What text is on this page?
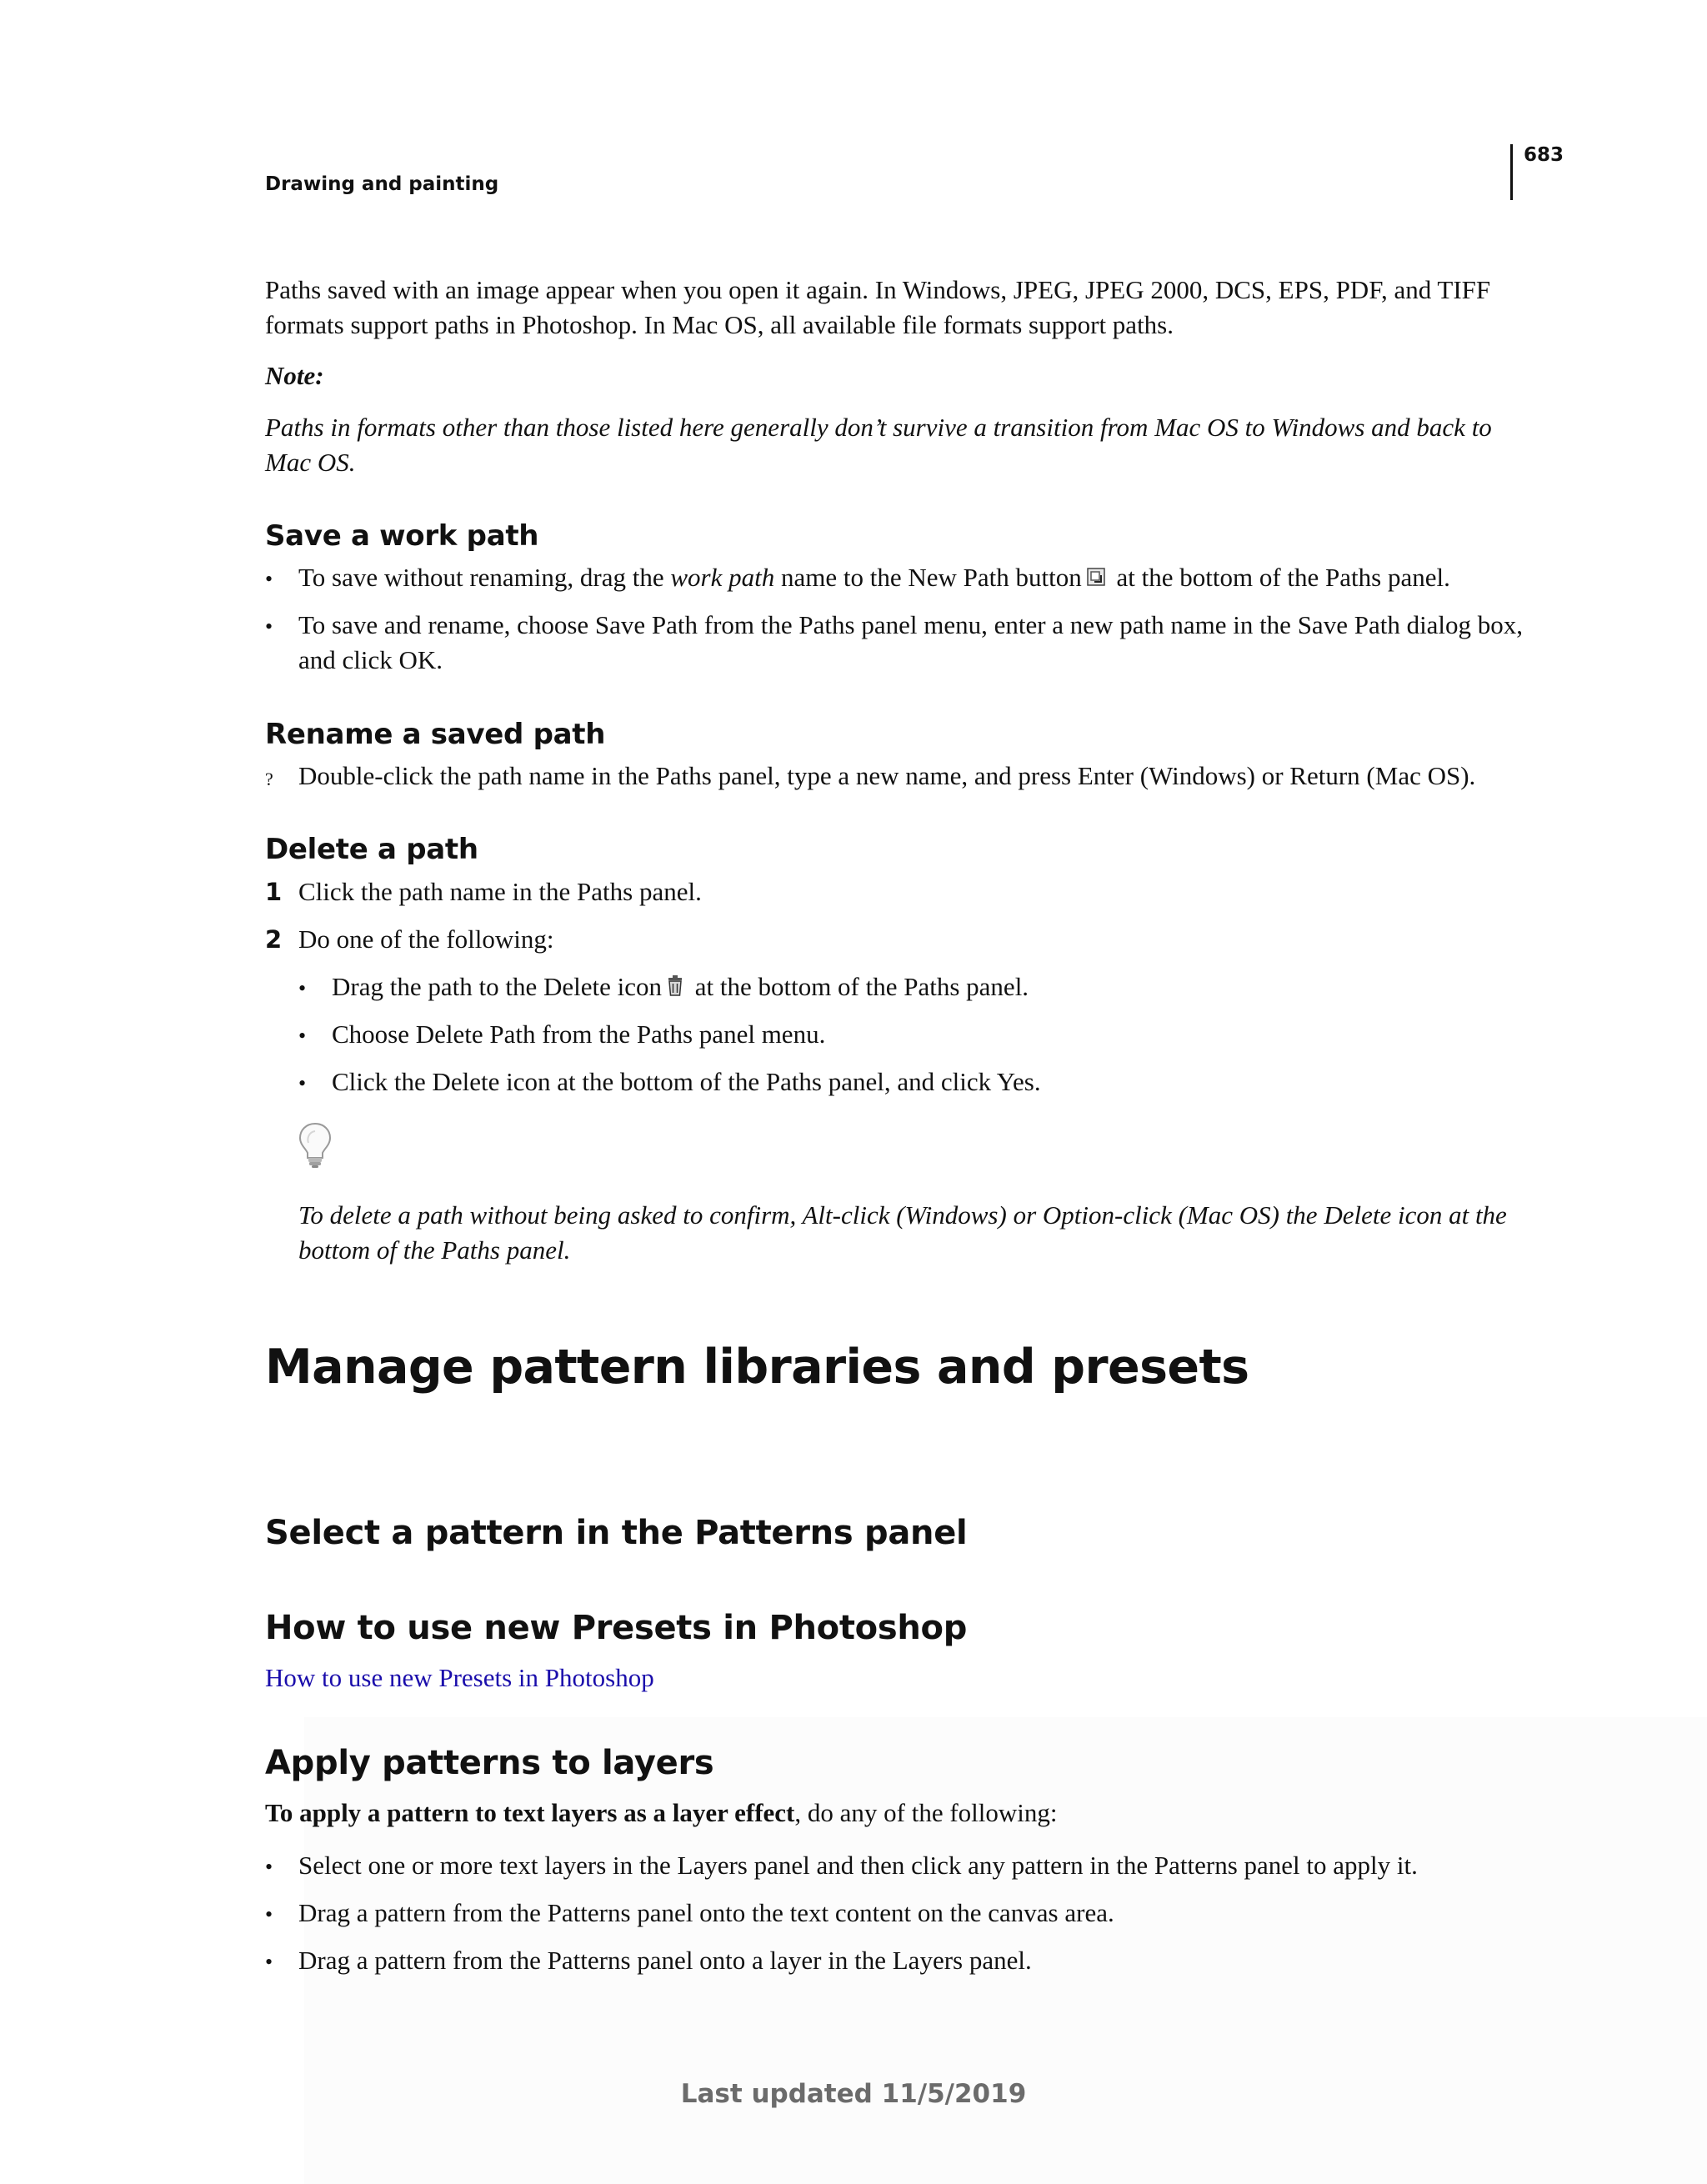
Drawing and painting
683

Paths saved with an image appear when you open it again. In Windows, JPEG, JPEG 2000, DCS, EPS, PDF, and TIFF formats support paths in Photoshop. In Mac OS, all available file formats support paths.

Note:

Paths in formats other than those listed here generally don’t survive a transition from Mac OS to Windows and back to Mac OS.

Save a work path
• To save without renaming, drag the work path name to the New Path button at the bottom of the Paths panel.
• To save and rename, choose Save Path from the Paths panel menu, enter a new path name in the Save Path dialog box, and click OK.
Rename a saved path
? Double-click the path name in the Paths panel, type a new name, and press Enter (Windows) or Return (Mac OS).
Delete a path
1 Click the path name in the Paths panel.
2 Do one of the following:
• Drag the path to the Delete icon at the bottom of the Paths panel.
• Choose Delete Path from the Paths panel menu.
• Click the Delete icon at the bottom of the Paths panel, and click Yes.

To delete a path without being asked to confirm, Alt-click (Windows) or Option-click (Mac OS) the Delete icon at the bottom of the Paths panel.

Manage pattern libraries and presets
Select a pattern in the Patterns panel
How to use new Presets in Photoshop
How to use new Presets in Photoshop
Apply patterns to layers

To apply a pattern to text layers as a layer effect, do any of the following:

• Select one or more text layers in the Layers panel and then click any pattern in the Patterns panel to apply it.
• Drag a pattern from the Patterns panel onto the text content on the canvas area.
• Drag a pattern from the Patterns panel onto a layer in the Layers panel.
Last updated 11/5/2019
